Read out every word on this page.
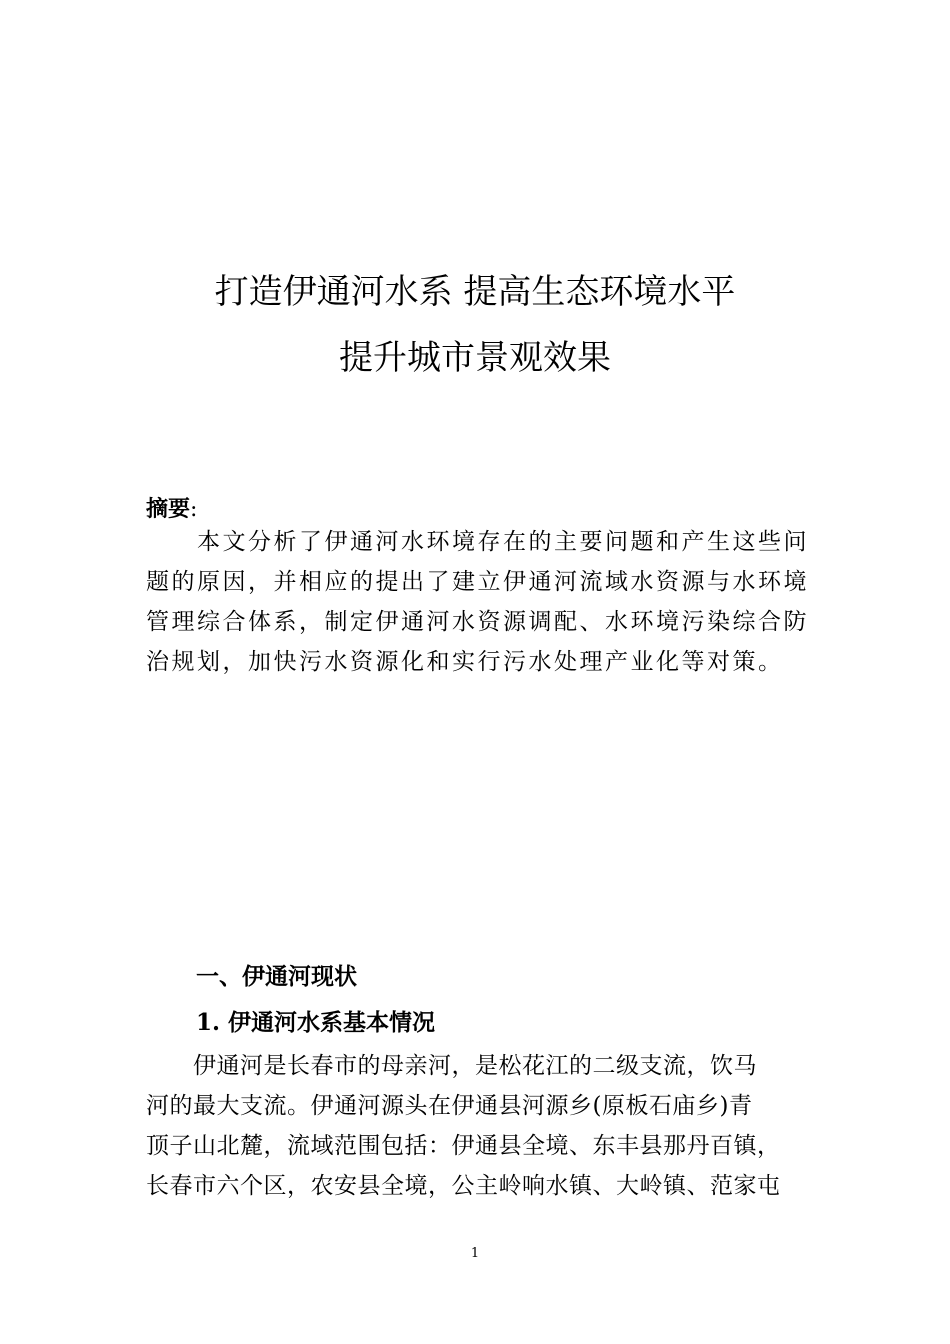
打造伊通河水系 提高生态环境水平
提升城市景观效果
摘要:
　　本文分析了伊通河水环境存在的主要问题和产生这些问
题的原因，并相应的提出了建立伊通河流域水资源与水环境
管理综合体系，制定伊通河水资源调配、水环境污染综合防
治规划，加快污水资源化和实行污水处理产业化等对策。
一、伊通河现状
1. 伊通河水系基本情况
　　伊通河是长春市的母亲河，是松花江的二级支流，饮马
河的最大支流。伊通河源头在伊通县河源乡(原板石庙乡)青
顶子山北麓，流域范围包括：伊通县全境、东丰县那丹百镇，
长春市六个区，农安县全境，公主岭响水镇、大岭镇、范家屯
1
